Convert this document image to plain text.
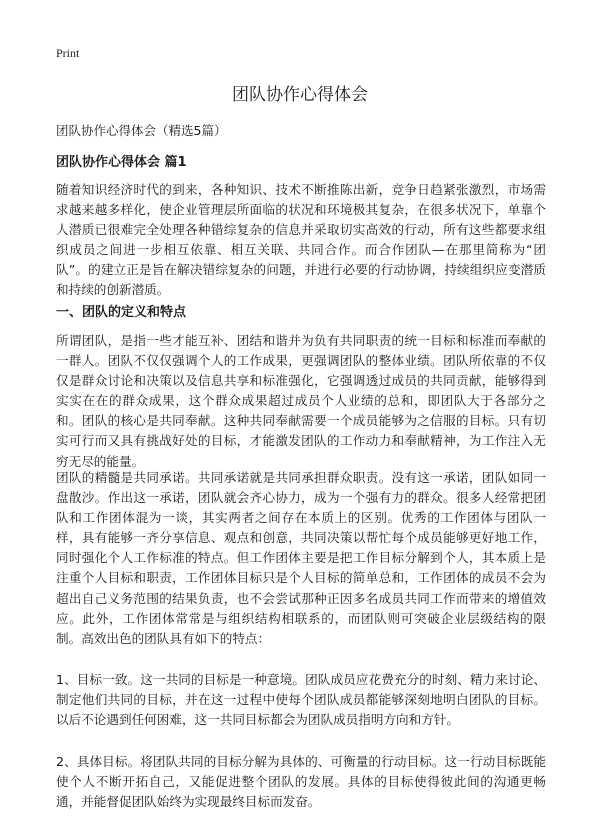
Print
团队协作心得体会
团队协作心得体会（精选5篇）
团队协作心得体会 篇1

随着知识经济时代的到来，各种知识、技术不断推陈出新，竞争日趋紧张激烈，市场需求越来越多样化，使企业管理层所面临的状况和环境极其复杂，在很多状况下，单靠个人潜质已很难完全处理各种错综复杂的信息并采取切实高效的行动，所有这些都要求组织成员之间进一步相互依靠、相互关联、共同合作。而合作团队—在那里简称为“团队”。的建立正是旨在解决错综复杂的问题，并进行必要的行动协调，持续组织应变潜质和持续的创新潜质。

一、团队的定义和特点

所谓团队，是指一些才能互补、团结和谐并为负有共同职责的统一目标和标准而奉献的一群人。团队不仅仅强调个人的工作成果，更强调团队的整体业绩。团队所依靠的不仅仅是群众讨论和决策以及信息共享和标准强化，它强调透过成员的共同贡献，能够得到实实在在的群众成果，这个群众成果超过成员个人业绩的总和，即团队大于各部分之和。团队的核心是共同奉献。这种共同奉献需要一个成员能够为之信服的目标。只有切实可行而又具有挑战好处的目标，才能激发团队的工作动力和奉献精神，为工作注入无穷无尽的能量。

团队的精髓是共同承诺。共同承诺就是共同承担群众职责。没有这一承诺，团队如同一盘散沙。作出这一承诺，团队就会齐心协力，成为一个强有力的群众。很多人经常把团队和工作团体混为一谈，其实两者之间存在本质上的区别。优秀的工作团体与团队一样，具有能够一齐分享信息、观点和创意，共同决策以帮忙每个成员能够更好地工作，同时强化个人工作标准的特点。但工作团体主要是把工作目标分解到个人，其本质上是注重个人目标和职责，工作团体目标只是个人目标的简单总和，工作团体的成员不会为超出自己义务范围的结果负责，也不会尝试那种正因多名成员共同工作而带来的增值效应。此外，工作团体常常是与组织结构相联系的，而团队则可突破企业层级结构的限制。高效出色的团队具有如下的特点：

1、目标一致。这一共同的目标是一种意境。团队成员应花费充分的时刻、精力来讨论、制定他们共同的目标，并在这一过程中使每个团队成员都能够深刻地明白团队的目标。以后不论遇到任何困难，这一共同目标都会为团队成员指明方向和方针。

2、具体目标。将团队共同的目标分解为具体的、可衡量的行动目标。这一行动目标既能使个人不断开拓自己，又能促进整个团队的发展。具体的目标使得彼此间的沟通更畅通，并能督促团队始终为实现最终目标而发奋。
